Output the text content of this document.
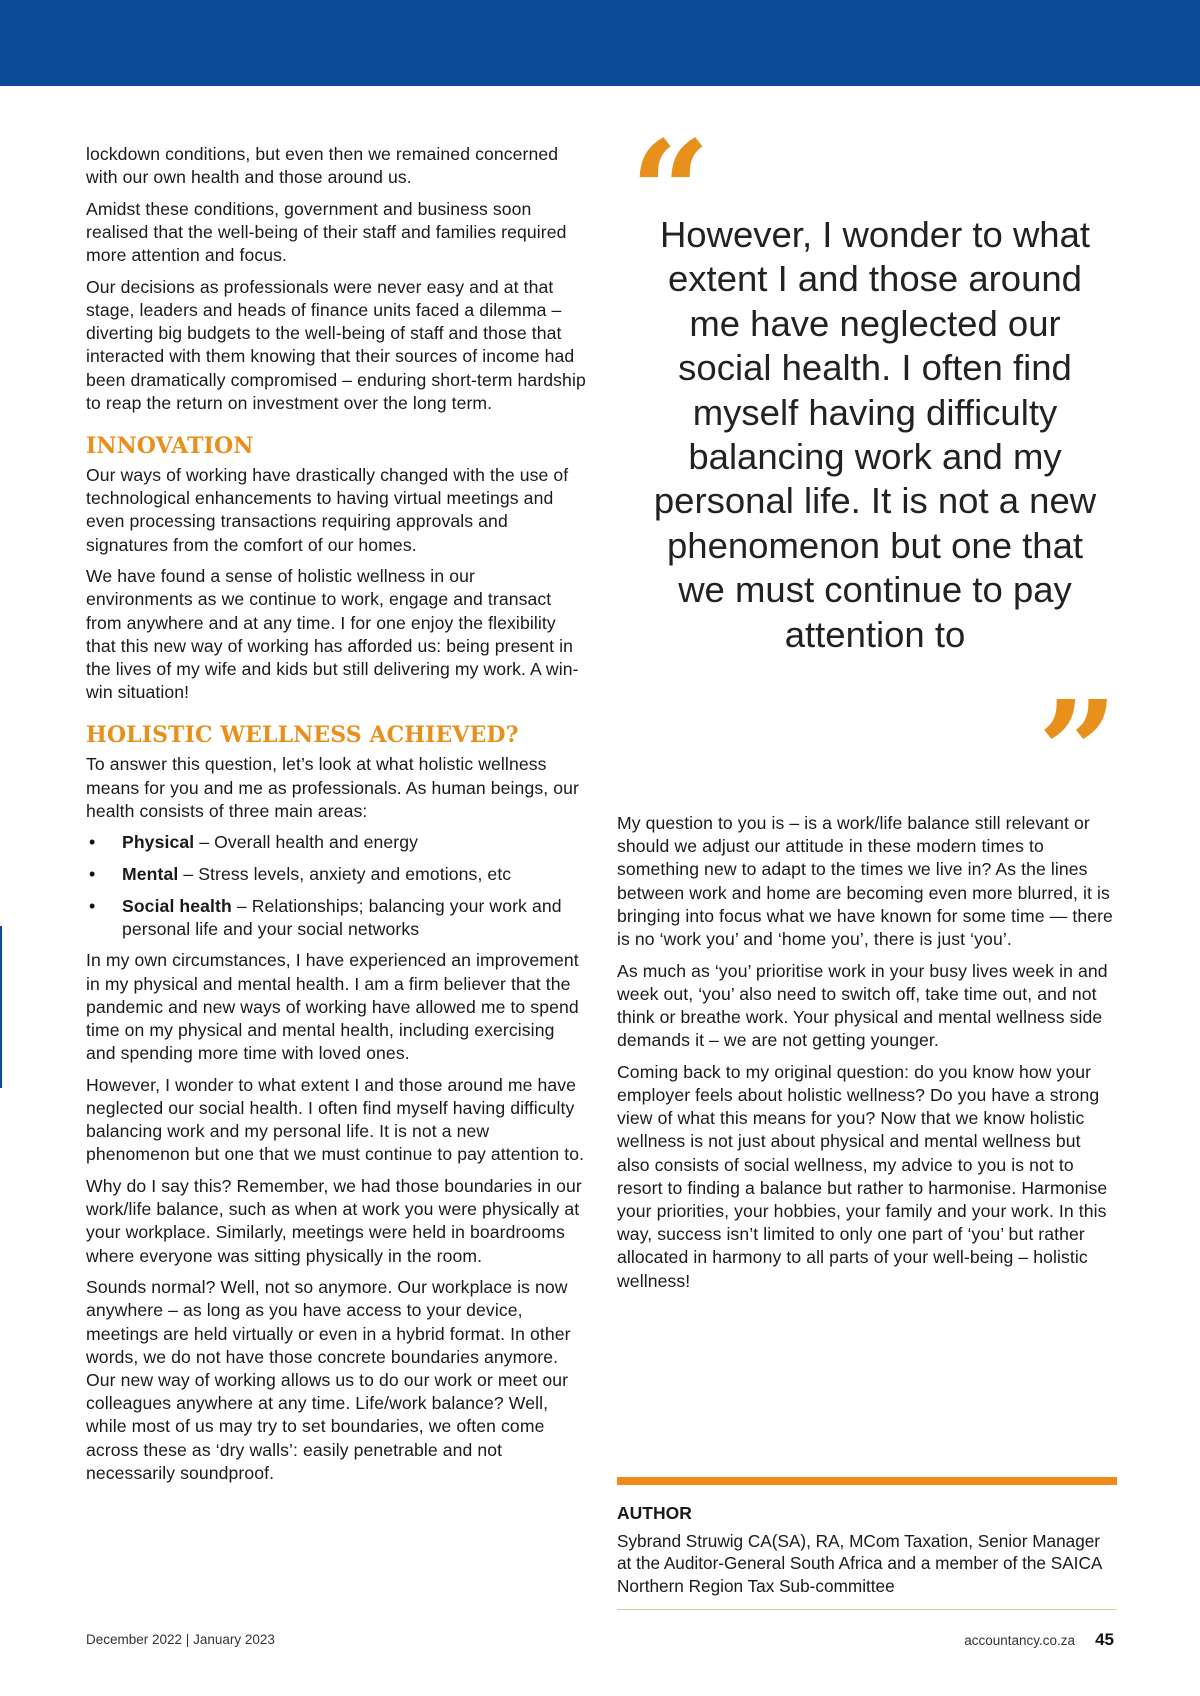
lockdown conditions, but even then we remained concerned with our own health and those around us.

Amidst these conditions, government and business soon realised that the well-being of their staff and families required more attention and focus.

Our decisions as professionals were never easy and at that stage, leaders and heads of finance units faced a dilemma – diverting big budgets to the well-being of staff and those that interacted with them knowing that their sources of income had been dramatically compromised – enduring short-term hardship to reap the return on investment over the long term.

INNOVATION

Our ways of working have drastically changed with the use of technological enhancements to having virtual meetings and even processing transactions requiring approvals and signatures from the comfort of our homes.

We have found a sense of holistic wellness in our environments as we continue to work, engage and transact from anywhere and at any time. I for one enjoy the flexibility that this new way of working has afforded us: being present in the lives of my wife and kids but still delivering my work. A win-win situation!

HOLISTIC WELLNESS ACHIEVED?

To answer this question, let’s look at what holistic wellness means for you and me as professionals. As human beings, our health consists of three main areas:

• Physical – Overall health and energy
• Mental – Stress levels, anxiety and emotions, etc
• Social health – Relationships; balancing your work and personal life and your social networks

In my own circumstances, I have experienced an improvement in my physical and mental health. I am a firm believer that the pandemic and new ways of working have allowed me to spend time on my physical and mental health, including exercising and spending more time with loved ones.

However, I wonder to what extent I and those around me have neglected our social health. I often find myself having difficulty balancing work and my personal life. It is not a new phenomenon but one that we must continue to pay attention to.

Why do I say this? Remember, we had those boundaries in our work/life balance, such as when at work you were physically at your workplace. Similarly, meetings were held in boardrooms where everyone was sitting physically in the room.

Sounds normal? Well, not so anymore. Our workplace is now anywhere – as long as you have access to your device, meetings are held virtually or even in a hybrid format. In other words, we do not have those concrete boundaries anymore. Our new way of working allows us to do our work or meet our colleagues anywhere at any time. Life/work balance? Well, while most of us may try to set boundaries, we often come across these as ‘dry walls’: easily penetrable and not necessarily soundproof.

“
However, I wonder to what extent I and those around me have neglected our social health. I often find myself having difficulty balancing work and my personal life. It is not a new phenomenon but one that we must continue to pay attention to
”

My question to you is – is a work/life balance still relevant or should we adjust our attitude in these modern times to something new to adapt to the times we live in? As the lines between work and home are becoming even more blurred, it is bringing into focus what we have known for some time — there is no ‘work you’ and ‘home you’, there is just ‘you’.

As much as ‘you’ prioritise work in your busy lives week in and week out, ‘you’ also need to switch off, take time out, and not think or breathe work. Your physical and mental wellness side demands it – we are not getting younger.

Coming back to my original question: do you know how your employer feels about holistic wellness? Do you have a strong view of what this means for you? Now that we know holistic wellness is not just about physical and mental wellness but also consists of social wellness, my advice to you is not to resort to finding a balance but rather to harmonise. Harmonise your priorities, your hobbies, your family and your work. In this way, success isn’t limited to only one part of ‘you’ but rather allocated in harmony to all parts of your well-being – holistic wellness!

AUTHOR
Sybrand Struwig CA(SA), RA, MCom Taxation, Senior Manager at the Auditor-General South Africa and a member of the SAICA Northern Region Tax Sub-committee
December 2022 | January 2023	accountancy.co.za 45
